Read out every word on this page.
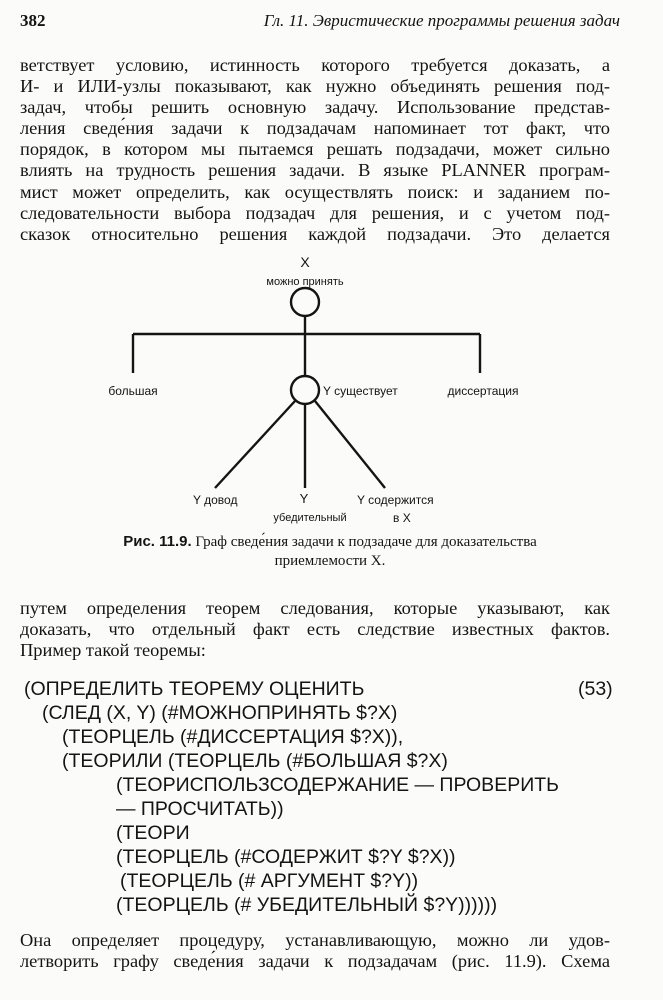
382	Гл. 11. Эвристические программы решения задач
ветствует условию, истинность которого требуется доказать, а
И- и ИЛИ-узлы показывают, как нужно объединять решения под-
задач, чтобы решить основную задачу. Использование представ-
ления сведе́ния задачи к подзадачам напоминает тот факт, что
порядок, в котором мы пытаемся решать подзадачи, может сильно
влиять на трудность решения задачи. В языке PLANNER програм-
мист может определить, как осуществлять поиск: и заданием по-
следовательности выбора подзадач для решения, и с учетом под-
сказок относительно решения каждой подзадачи. Это делается
X
можно принять
большая	Y существует	диссертация
Y довод	Y
убедительный
Y содержится
в X
Рис. 11.9. Граф сведе́ния задачи к подзадаче для доказательства
приемлемости X.
путем определения теорем следования, которые указывают, как
доказать, что отдельный факт есть следствие известных фактов.
Пример такой теоремы:
(ОПРЕДЕЛИТЬ ТЕОРЕМУ ОЦЕНИТЬ
(СЛЕД (X, Y) (#МОЖНОПРИНЯТЬ $?X)
(ТЕОРЦЕЛЬ (#ДИССЕРТАЦИЯ $?X)),
(ТЕОРИЛИ (ТЕОРЦЕЛЬ (#БОЛЬШАЯ $?X)
(ТЕОРИСПОЛЬЗСОДЕРЖАНИЕ — ПРОВЕРИТЬ
— ПРОСЧИТАТЬ))
(ТЕОРИ
(ТЕОРЦЕЛЬ (#СОДЕРЖИТ $?Y $?X))
(ТЕОРЦЕЛЬ (# АРГУМЕНТ $?Y))
(ТЕОРЦЕЛЬ (# УБЕДИТЕЛЬНЫЙ $?Y))))))
(53)
Она определяет процедуру, устанавливающую, можно ли удов-
летворить графу сведе́ния задачи к подзадачам (рис. 11.9). Схема
